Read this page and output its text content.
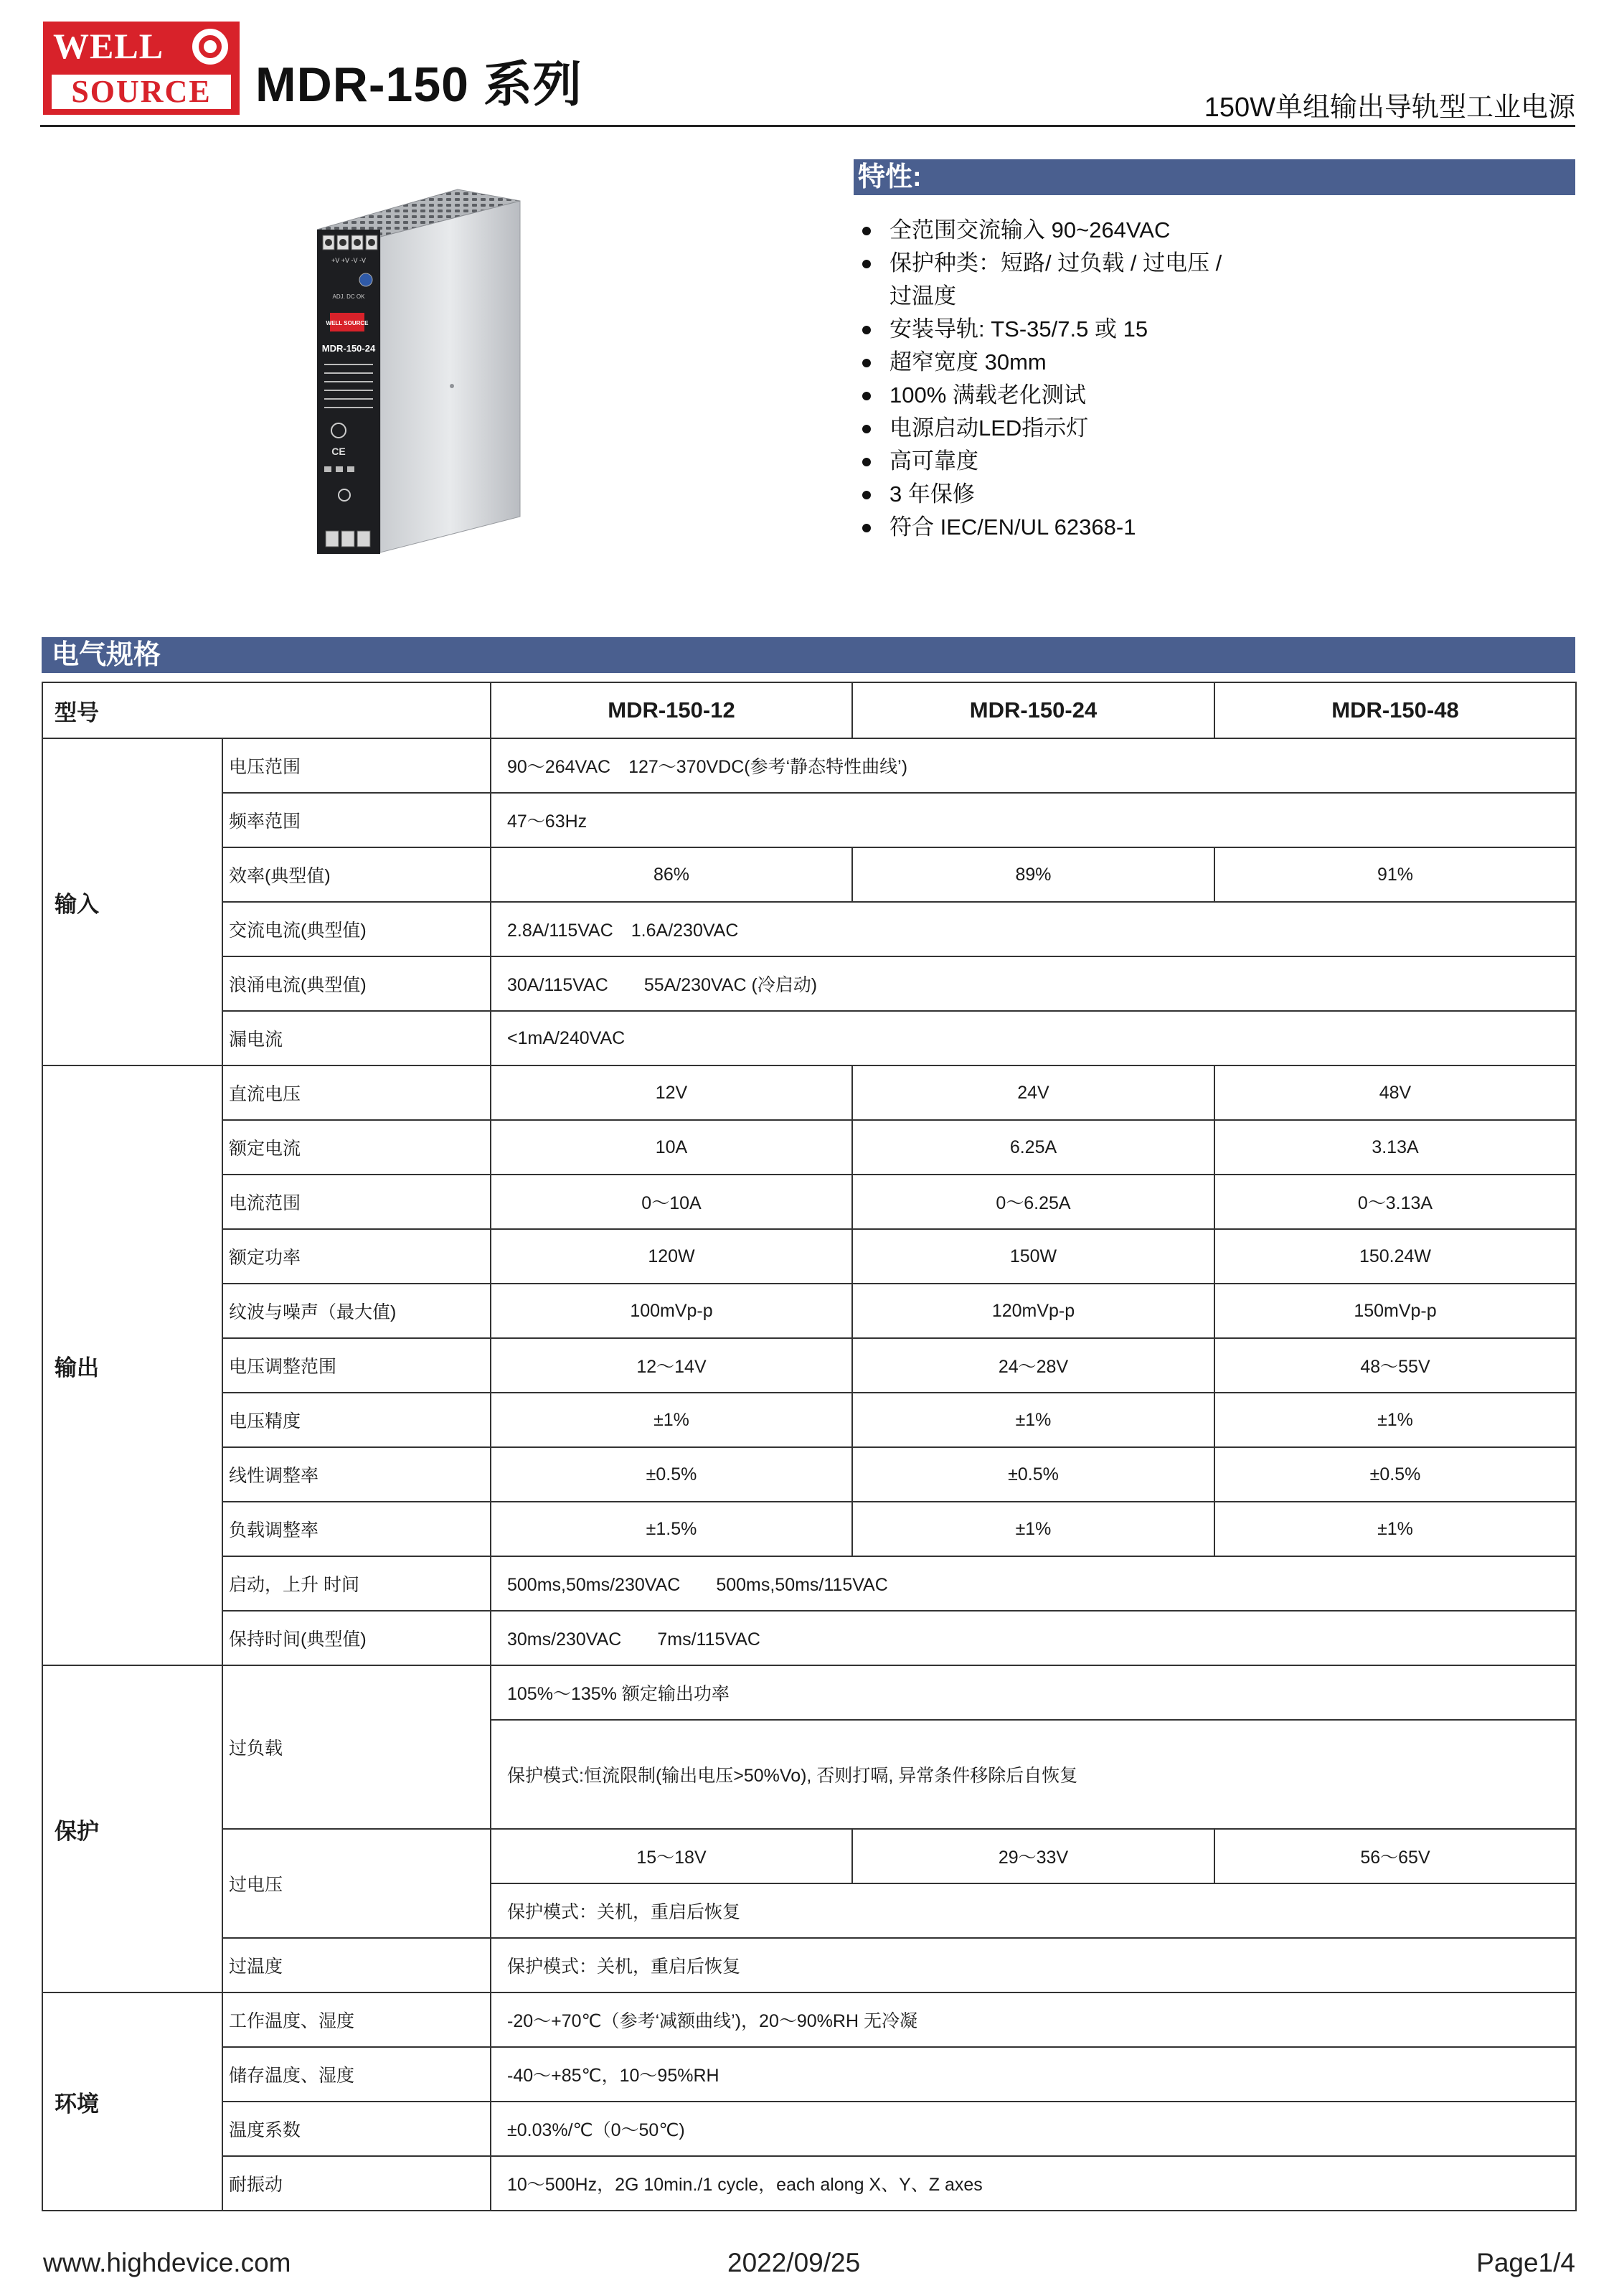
WELL
SOURCE MDR-150 系列	150W单组输出导轨型工业电源
+V +V -V -V
ADJ. DC OK
WELL SOURCE
MDR-150-24
CE
特性:
全范围交流输入 90~264VAC
保护种类：短路/ 过负载 / 过电压 /
过温度
安装导轨: TS-35/7.5 或 15
超窄宽度 30mm
100% 满载老化测试
电源启动LED指示灯
高可靠度
3 年保修
符合 IEC/EN/UL 62368-1
电气规格
型号		MDR-150-12	MDR-150-24	MDR-150-48
输入	电压范围	90～264VAC　127～370VDC(参考‘静态特性曲线’)		
	频率范围	47～63Hz		
	效率(典型值)	86%	89%	91%
	交流电流(典型值)	2.8A/115VAC　1.6A/230VAC		
	浪涌电流(典型值)	30A/115VAC　　55A/230VAC (冷启动)		
	漏电流	<1mA/240VAC		
输出	直流电压	12V	24V	48V
	额定电流	10A	6.25A	3.13A
	电流范围	0～10A	0～6.25A	0～3.13A
	额定功率	120W	150W	150.24W
	纹波与噪声（最大值)	100mVp-p	120mVp-p	150mVp-p
	电压调整范围	12～14V	24～28V	48～55V
	电压精度	±1%	±1%	±1%
	线性调整率	±0.5%	±0.5%	±0.5%
	负载调整率	±1.5%	±1%	±1%
	启动，上升 时间	500ms,50ms/230VAC　　500ms,50ms/115VAC		
	保持时间(典型值)	30ms/230VAC　　7ms/115VAC		
保护	过负载	105%～135% 额定输出功率		
		保护模式:恒流限制(输出电压>50%Vo), 否则打嗝, 异常条件移除后自恢复		
	过电压	15～18V	29～33V	56～65V
		保护模式：关机，重启后恢复		
	过温度	保护模式：关机，重启后恢复		
环境	工作温度、湿度	-20～+70℃（参考‘减额曲线’)，20～90%RH 无冷凝		
	储存温度、湿度	-40～+85℃，10～95%RH		
	温度系数	±0.03%/℃（0～50℃)		
	耐振动	10～500Hz，2G 10min./1 cycle，each along X、Y、Z axes		
www.highdevice.com	2022/09/25	Page1/4
